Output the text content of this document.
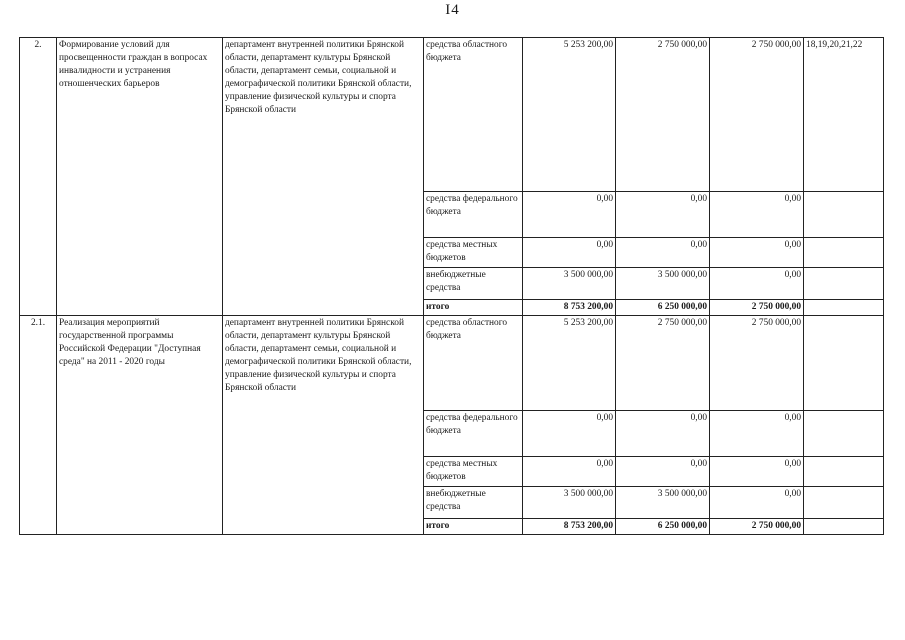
I4
2.	Формирование условий для просвещенности граждан в вопросах инвалидности и устранения отношенческих барьеров	департамент внутренней политики Брянской области, департамент культуры Брянской области, департамент семьи, социальной и демографической политики Брянской области, управление физической культуры и спорта Брянской области	средства областного бюджета	5 253 200,00	2 750 000,00	2 750 000,00	18,19,20,21,22
			средства федерального бюджета	0,00	0,00	0,00	
			средства местных бюджетов	0,00	0,00	0,00	
			внебюджетные средства	3 500 000,00	3 500 000,00	0,00	
			итого	8 753 200,00	6 250 000,00	2 750 000,00	
2.1.	Реализация мероприятий государственной программы Российской Федерации "Доступная среда" на 2011 - 2020 годы	департамент внутренней политики Брянской области, департамент культуры Брянской области, департамент семьи, социальной и демографической политики Брянской области, управление физической культуры и спорта Брянской области	средства областного бюджета	5 253 200,00	2 750 000,00	2 750 000,00	
			средства федерального бюджета	0,00	0,00	0,00	
			средства местных бюджетов	0,00	0,00	0,00	
			внебюджетные средства	3 500 000,00	3 500 000,00	0,00	
			итого	8 753 200,00	6 250 000,00	2 750 000,00	
